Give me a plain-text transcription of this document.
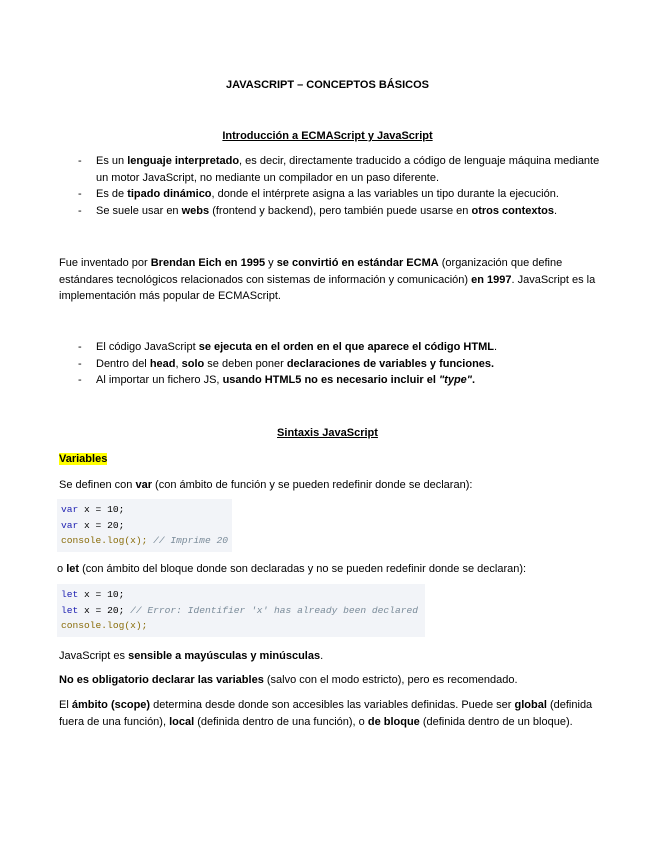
JAVASCRIPT – CONCEPTOS BÁSICOS
Introducción a ECMAScript y JavaScript
-	Es un lenguaje interpretado, es decir, directamente traducido a código de lenguaje máquina mediante un motor JavaScript, no mediante un compilador en un paso diferente.
-	Es de tipado dinámico, donde el intérprete asigna a las variables un tipo durante la ejecución.
-	Se suele usar en webs (frontend y backend), pero también puede usarse en otros contextos.
Fue inventado por Brendan Eich en 1995 y se convirtió en estándar ECMA (organización que define estándares tecnológicos relacionados con sistemas de información y comunicación) en 1997. JavaScript es la implementación más popular de ECMAScript.
-	El código JavaScript se ejecuta en el orden en el que aparece el código HTML.
-	Dentro del head, solo se deben poner declaraciones de variables y funciones.
-	Al importar un fichero JS, usando HTML5 no es necesario incluir el "type".
Sintaxis JavaScript
Variables
Se definen con var (con ámbito de función y se pueden redefinir donde se declaran):
var x = 10;
var x = 20;
console.log(x); // Imprime 20
o let (con ámbito del bloque donde son declaradas y no se pueden redefinir donde se declaran):
let x = 10;
let x = 20; // Error: Identifier 'x' has already been declared
console.log(x);
JavaScript es sensible a mayúsculas y minúsculas.
No es obligatorio declarar las variables (salvo con el modo estricto), pero es recomendado.
El ámbito (scope) determina desde donde son accesibles las variables definidas. Puede ser global (definida fuera de una función), local (definida dentro de una función), o de bloque (definida dentro de un bloque).
